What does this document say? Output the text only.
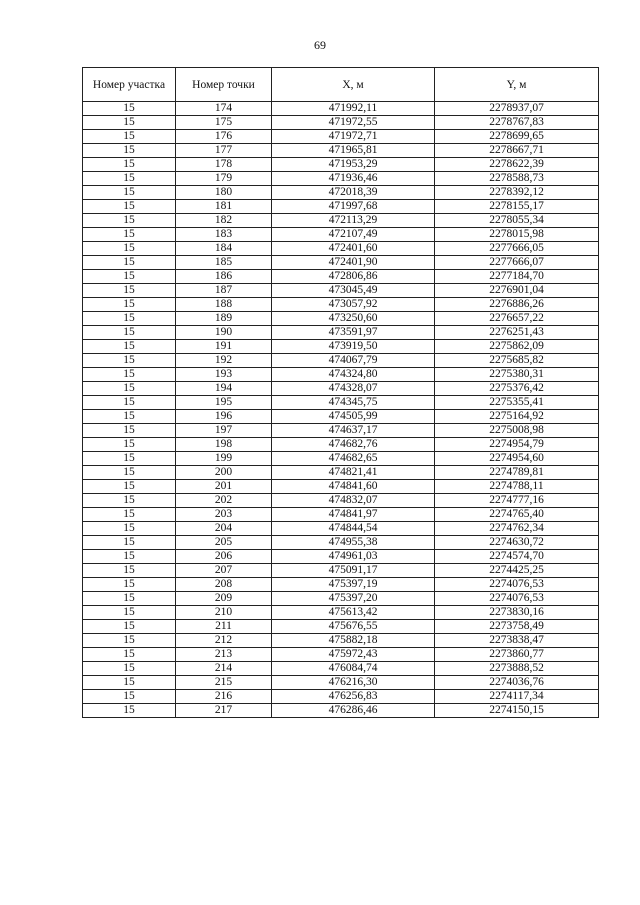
69
Номер участка	Номер точки	X, м	Y, м
15	174	471992,11	2278937,07
15	175	471972,55	2278767,83
15	176	471972,71	2278699,65
15	177	471965,81	2278667,71
15	178	471953,29	2278622,39
15	179	471936,46	2278588,73
15	180	472018,39	2278392,12
15	181	471997,68	2278155,17
15	182	472113,29	2278055,34
15	183	472107,49	2278015,98
15	184	472401,60	2277666,05
15	185	472401,90	2277666,07
15	186	472806,86	2277184,70
15	187	473045,49	2276901,04
15	188	473057,92	2276886,26
15	189	473250,60	2276657,22
15	190	473591,97	2276251,43
15	191	473919,50	2275862,09
15	192	474067,79	2275685,82
15	193	474324,80	2275380,31
15	194	474328,07	2275376,42
15	195	474345,75	2275355,41
15	196	474505,99	2275164,92
15	197	474637,17	2275008,98
15	198	474682,76	2274954,79
15	199	474682,65	2274954,60
15	200	474821,41	2274789,81
15	201	474841,60	2274788,11
15	202	474832,07	2274777,16
15	203	474841,97	2274765,40
15	204	474844,54	2274762,34
15	205	474955,38	2274630,72
15	206	474961,03	2274574,70
15	207	475091,17	2274425,25
15	208	475397,19	2274076,53
15	209	475397,20	2274076,53
15	210	475613,42	2273830,16
15	211	475676,55	2273758,49
15	212	475882,18	2273838,47
15	213	475972,43	2273860,77
15	214	476084,74	2273888,52
15	215	476216,30	2274036,76
15	216	476256,83	2274117,34
15	217	476286,46	2274150,15
